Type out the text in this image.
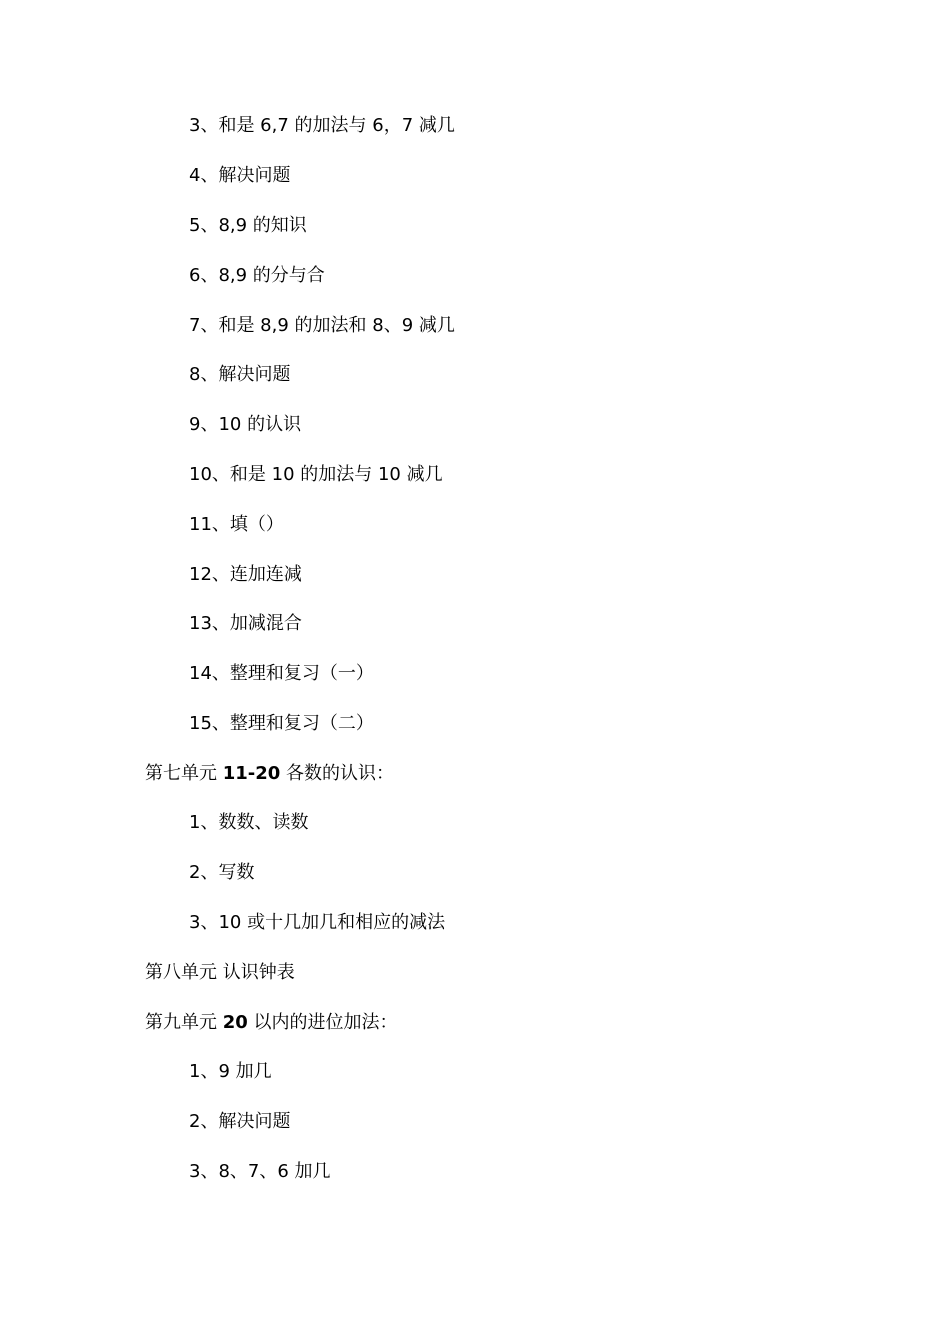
3、和是 6,7 的加法与 6，7 减几
4、解决问题
5、8,9 的知识
6、8,9 的分与合
7、和是 8,9 的加法和 8、9 减几
8、解决问题
9、10 的认识
10、和是 10 的加法与 10 减几
11、填（）
12、连加连减
13、加减混合
14、整理和复习（一）
15、整理和复习（二）
第七单元 11-20 各数的认识：
1、数数、读数
2、写数
3、10 或十几加几和相应的减法
第八单元 认识钟表
第九单元 20 以内的进位加法：
1、9 加几
2、解决问题
3、8、7、6 加几
